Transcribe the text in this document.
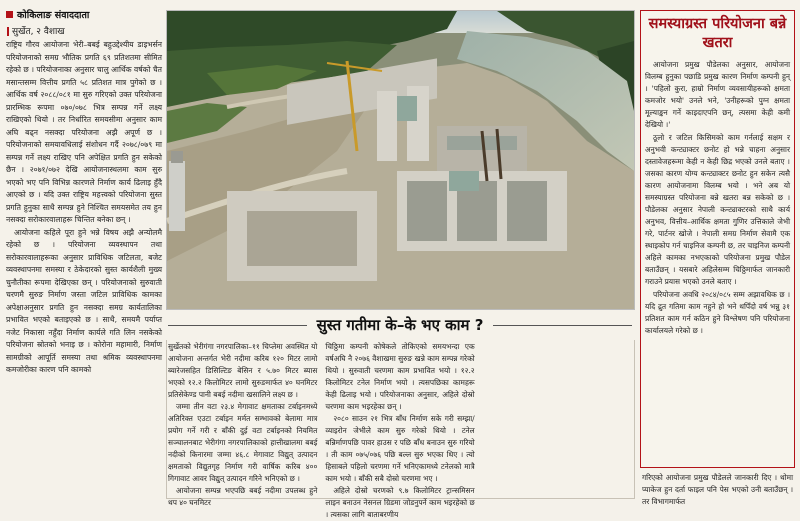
कोकिलाङ संवाददाता
सुर्खेत, २ वैशाख

राष्ट्रिय गौरव आयोजना भेरी–बबई बहुउद्देश्यीय डाइभर्सन परियोजनाको समग्र भौतिक प्रगति ६९ प्रतिशतमा सीमित रहेको छ । परियोजनाका अनुसार चालु आर्थिक वर्षको चैत मसान्तसम्म वित्तीय प्रगति ५८ प्रतिशत मात्र पुगेको छ । आर्थिक वर्ष २०८८/०८१ मा सुरु गरिएको उक्त परियोजना प्रारम्भिक रूपमा ०७०/०७८ भित्र सम्पन्न गर्ने लक्ष्य राखिएको थियो । तर निर्धारित समयसीमा अनुसार काम अघि बढ्न नसक्दा परियोजना अझै अपूर्ण छ । परियोजनाको समयावधिलाई संशोधन गर्दै २०७८/०७९ मा सम्पन्न गर्ने लक्ष्य राखिए पनि अपेक्षित प्रगति हुन सकेको छैन । २०७१/०७२ देखि आयोजनास्थलमा काम सुरु भएको भए पनि विभिन्न कारणले निर्माण कार्य ढिलाइ हुँदै आएको छ । यदि उक्त राष्ट्रिय महत्त्वको परियोजना सुस्त प्रगति हुनुका साथै सम्पन्न हुने निश्चित समयसमेत तय हुन नसक्दा सरोकारवालाहरू चिन्तित बनेका छन् ।

आयोजना कहिले पूरा हुने भन्ने विषय अझै अन्योलमै रहेको छ । परियोजना व्यवस्थापन तथा सरोकारवालाहरूका अनुसार प्राविधिक जटिलता, बजेट व्यवस्थापनमा समस्या र ठेकेदारको सुस्त कार्यशैली मुख्य चुनौतीका रूपमा देखिएका छन् । परियोजनाको सुरुवाती चरणमै सुरुङ निर्माण जस्ता जटिल प्राविधिक कामका अपेक्षाअनुसार प्रगति हुन नसक्दा समग्र कार्यतालिका प्रभावित भएको बताइएको छ । साथै, समयमै पर्याप्त नजेट निकासा नहुँदा निर्माण कार्यले गति लिन नसकेको परियोजना स्रोतको भनाइ छ । कोरोना महामारी, निर्माण सामग्रीको आपूर्ति समस्या तथा श्रमिक व्यवस्थापनमा कमजोरीका कारण पनि कामको

समस्याग्रस्त परियोजना बन्ने खतरा

आयोजना प्रमुख पौडेलका अनुसार, आयोजना विलम्ब हुनुका पछाडि प्रमुख कारण निर्माण कम्पनी हुन् । 'पहिलो कुरा, हाम्रो निर्माण व्यवसायीहरूको क्षमता कमजोर भयो' उनले भने, 'उनीहरूको पुग्न क्षमता मूल्याङ्कन गर्ने काइदाएपनि छन्, त्यसमा केही कमी देखियो ।'

ठूलो र जटिल किसिमको काम गर्नलाई सक्षम र अनुभवी कन्ट्याक्टर छनोट हो भन्ने चाहना अनुसार दस्तावेजहरूमा केही न केही छिद्र भएको उनले बताए । जसका कारण योग्य कन्ट्याक्टर छनोट हुन सकेन त्यसै कारण आयोजनामा विलम्ब भयो । भने अब यो समस्याग्रस्त परियोजना बन्ने खतरा बन्न सकेको छ । पौडेलका अनुसार नेपाली कन्ट्याक्टरको साथै कार्य अनुभव, वित्तीय–आर्थिक क्षमता गुणिर उत्तिकाले जेभी गरे, पार्टनर खोजे । नेपाली समग्र निर्माण सेवामै एक स्थाइकोप गर्न चाइनिज कम्पनी छ, तर चाइनिज कम्पनी अहिले कामका नभएकाको परियोजना प्रमुख पौडेल बताउँछन् । यसबारे अहिलेसम्म चिठ्ठिमार्फत जानकारी गराउने प्रयास भएको उनले बताए ।

परियोजना अवधि २०८४/०८५ सम्म अझावधिक छ । यदि द्रुत गतिमा काम नहुने हो भने थपिँदो वर्ष भन्नु ३१ प्रतिशत काम गर्न कठिन हुने विश्लेषण पनि परियोजना कार्यालयले गरेको छ ।

गरिएको आयोजना प्रमुख पौडेलले जानकारी दिए । थोमा प्याकेज हुन दर्ता फाइल पनि पेस भएको उनी बताउँछन् । तर विभागमार्फत
सुस्त गतीमा के–के भए काम ?

सुर्खेतको भेरीगंगा नगरपालिका–११ चिप्लेमा अवस्थित यो आयोजना अन्तर्गत भेरी नदीमा करिब १२० मिटर लामो ब्यारेजसहित डिसिल्टिङ बेसिन र ५.७० मिटर ब्यास भएको १२.२ किलोमिटर लामो सुरुङमार्फत ४० घनमिटर प्रतिसेकेण्ड पानी बबई नदीमा खसालिने लक्ष्य छ ।

जम्मा तीन वटा २३.४ मेगावाट क्षमताका टर्बाइनमध्ये अतिरिक्त एउटा टर्बाइन मर्मत सम्भावको बेलामा मात्र प्रयोग गर्ने गरी र बाँकी दुई वटा टर्बाइनको नियमित सञ्चालनबाट भेरीगंगा नगरपालिकाको हात्तीखालमा बबई नदीको किनारमा जम्मा ४६.८ मेगावाट विद्युत् उत्पादन क्षमताको विद्युतगृह निर्माण गरी वार्षिक करिब ४०० गिगावाट आवर विद्युत् उत्पादन गरिने भनिएको छ ।

आयोजना सम्पन्न भएपछि बबई नदीमा उपलब्ध हुने थप ४० घनमिटर

चिठ्ठिमा कम्पनी कोषेकले तोकिएको समयभन्दा एक वर्षअघि नै २०७६ वैशाखमा सुरुङ खन्ने काम सम्पन्न गरेको थियो । सुरुवाती चरणमा काम प्रभावित भयो । १२.२ किलोमिटर टनेल निर्माण भयो । त्यसपछिका कामहरू केही ढिलाइ भयो । परियोजनाका अनुसार, अहिले दोस्रो चरणमा काम भइरहेका छन् ।

२०८० साउन २१ भित्र बाँध निर्माण सके गरी सम्झा/व्याइरोन जेभीले काम सुरु गरेको थियो । टनेल बन्निर्माणपछि पावर हाउस र पछि बाँध बनाउन सुरु गरियो । ती काम ०७५/०७६ पछि बल्ल सुरु भएका थिए । त्यो हिसाबले पहिलो चरणमा गर्ने भनिएकामध्ये टनेलको मात्रै काम भयो । बाँकी सबै दोस्रो चरणमा भए ।

अहिले दोस्रो चरणको ९.७ किलोमिटर ट्रान्समिसन लाइन बनाउन नेसनल ग्रिडमा जोडनुपर्ने काम भइरहेको छ । त्यसका लागि बाताबरणीय
